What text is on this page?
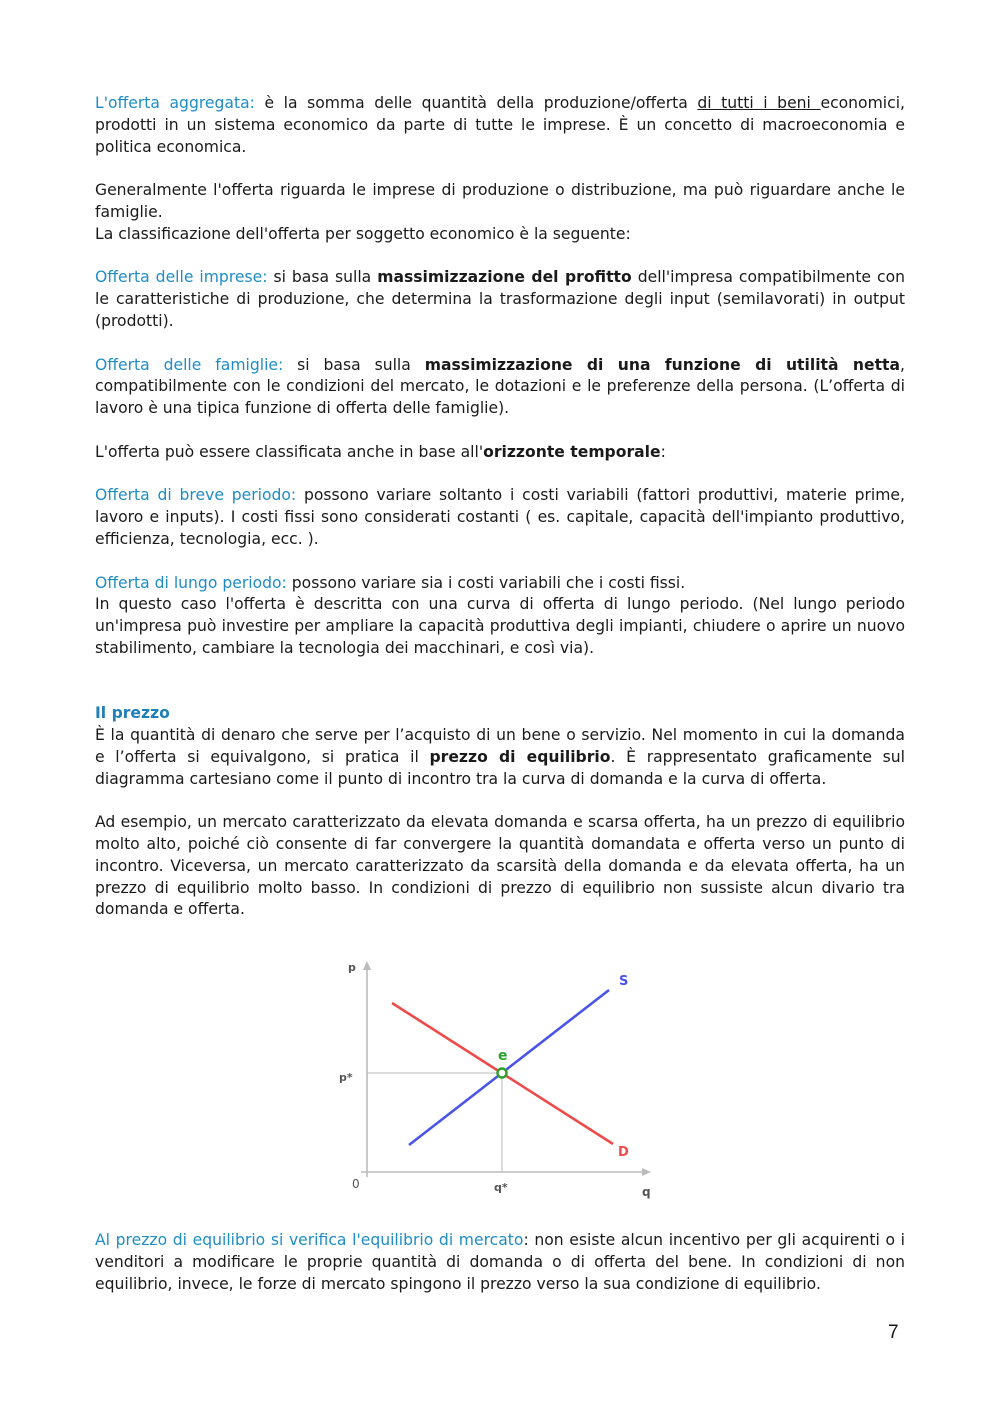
L'offerta aggregata: è la somma delle quantità della produzione/offerta di tutti i beni economici, prodotti in un sistema economico da parte di tutte le imprese. È un concetto di macroeconomia e politica economica.

Generalmente l'offerta riguarda le imprese di produzione o distribuzione, ma può riguardare anche le famiglie.

La classificazione dell'offerta per soggetto economico è la seguente:

Offerta delle imprese: si basa sulla massimizzazione del profitto dell'impresa compatibilmente con le caratteristiche di produzione, che determina la trasformazione degli input (semilavorati) in output (prodotti).

Offerta delle famiglie: si basa sulla massimizzazione di una funzione di utilità netta, compatibilmente con le condizioni del mercato, le dotazioni e le preferenze della persona. (L’offerta di lavoro è una tipica funzione di offerta delle famiglie).

L'offerta può essere classificata anche in base all'orizzonte temporale:

Offerta di breve periodo: possono variare soltanto i costi variabili (fattori produttivi, materie prime, lavoro e inputs). I costi fissi sono considerati costanti ( es. capitale, capacità dell'impianto produttivo, efficienza, tecnologia, ecc. ).

Offerta di lungo periodo: possono variare sia i costi variabili che i costi fissi.

In questo caso l'offerta è descritta con una curva di offerta di lungo periodo. (Nel lungo periodo un'impresa può investire per ampliare la capacità produttiva degli impianti, chiudere o aprire un nuovo stabilimento, cambiare la tecnologia dei macchinari, e così via).

Il prezzo

È la quantità di denaro che serve per l’acquisto di un bene o servizio. Nel momento in cui la domanda e l’offerta si equivalgono, si pratica il prezzo di equilibrio. È rappresentato graficamente sul diagramma cartesiano come il punto di incontro tra la curva di domanda e la curva di offerta.

Ad esempio, un mercato caratterizzato da elevata domanda e scarsa offerta, ha un prezzo di equilibrio molto alto, poiché ciò consente di far convergere la quantità domandata e offerta verso un punto di incontro. Viceversa, un mercato caratterizzato da scarsità della domanda e da elevata offerta, ha un prezzo di equilibrio molto basso. In condizioni di prezzo di equilibrio non sussiste alcun divario tra domanda e offerta.

p
q
0
p*
q*
S
D
e

Al prezzo di equilibrio si verifica l'equilibrio di mercato: non esiste alcun incentivo per gli acquirenti o i venditori a modificare le proprie quantità di domanda o di offerta del bene. In condizioni di non equilibrio, invece, le forze di mercato spingono il prezzo verso la sua condizione di equilibrio.

7
